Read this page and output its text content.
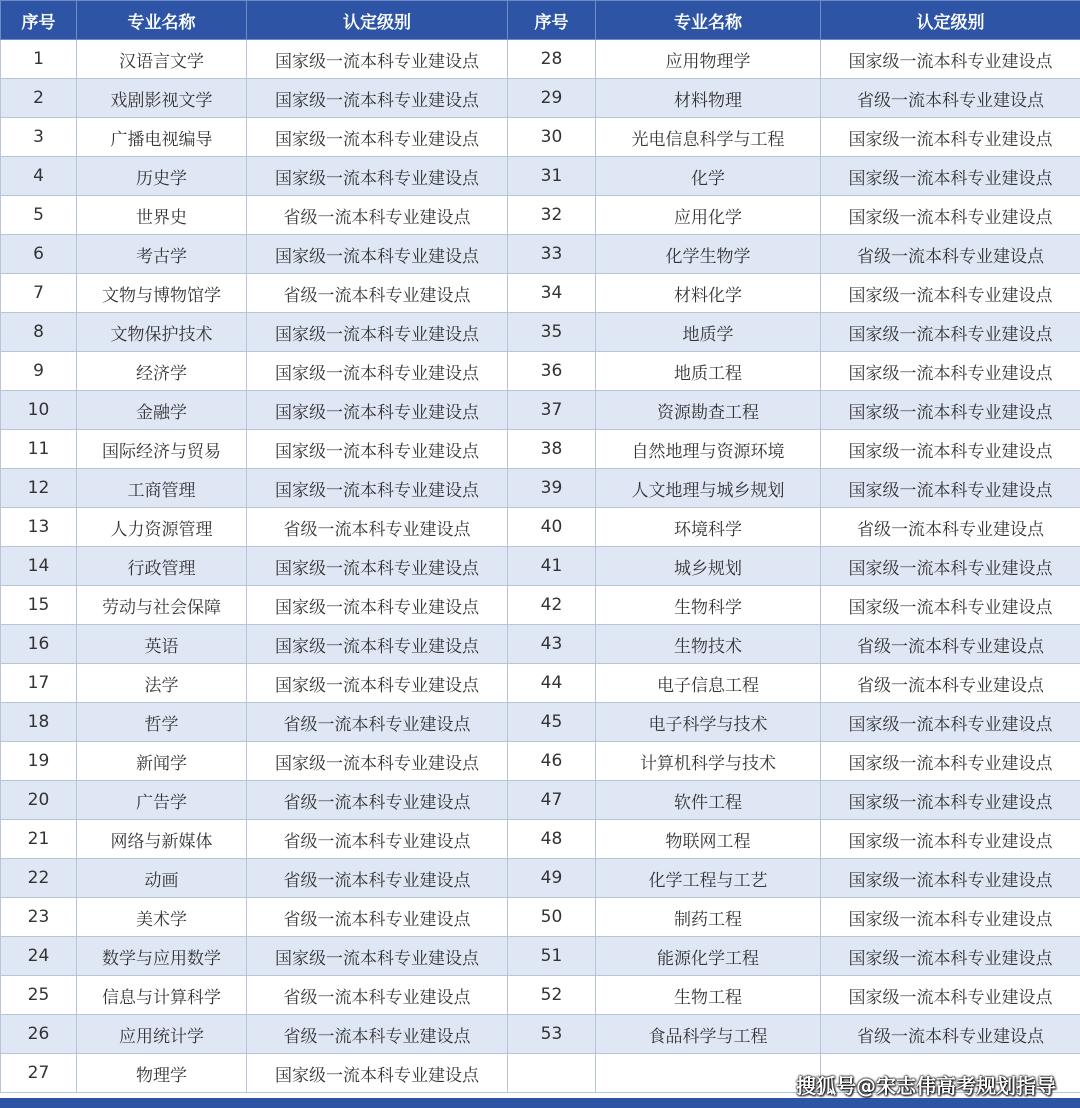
序号	专业名称	认定级别	序号	专业名称	认定级别
1	汉语言文学	国家级一流本科专业建设点	28	应用物理学	国家级一流本科专业建设点
2	戏剧影视文学	国家级一流本科专业建设点	29	材料物理	省级一流本科专业建设点
3	广播电视编导	国家级一流本科专业建设点	30	光电信息科学与工程	国家级一流本科专业建设点
4	历史学	国家级一流本科专业建设点	31	化学	国家级一流本科专业建设点
5	世界史	省级一流本科专业建设点	32	应用化学	国家级一流本科专业建设点
6	考古学	国家级一流本科专业建设点	33	化学生物学	省级一流本科专业建设点
7	文物与博物馆学	省级一流本科专业建设点	34	材料化学	国家级一流本科专业建设点
8	文物保护技术	国家级一流本科专业建设点	35	地质学	国家级一流本科专业建设点
9	经济学	国家级一流本科专业建设点	36	地质工程	国家级一流本科专业建设点
10	金融学	国家级一流本科专业建设点	37	资源勘查工程	国家级一流本科专业建设点
11	国际经济与贸易	国家级一流本科专业建设点	38	自然地理与资源环境	国家级一流本科专业建设点
12	工商管理	国家级一流本科专业建设点	39	人文地理与城乡规划	国家级一流本科专业建设点
13	人力资源管理	省级一流本科专业建设点	40	环境科学	省级一流本科专业建设点
14	行政管理	国家级一流本科专业建设点	41	城乡规划	国家级一流本科专业建设点
15	劳动与社会保障	国家级一流本科专业建设点	42	生物科学	国家级一流本科专业建设点
16	英语	国家级一流本科专业建设点	43	生物技术	省级一流本科专业建设点
17	法学	国家级一流本科专业建设点	44	电子信息工程	省级一流本科专业建设点
18	哲学	省级一流本科专业建设点	45	电子科学与技术	国家级一流本科专业建设点
19	新闻学	国家级一流本科专业建设点	46	计算机科学与技术	国家级一流本科专业建设点
20	广告学	省级一流本科专业建设点	47	软件工程	国家级一流本科专业建设点
21	网络与新媒体	省级一流本科专业建设点	48	物联网工程	国家级一流本科专业建设点
22	动画	省级一流本科专业建设点	49	化学工程与工艺	国家级一流本科专业建设点
23	美术学	省级一流本科专业建设点	50	制药工程	国家级一流本科专业建设点
24	数学与应用数学	国家级一流本科专业建设点	51	能源化学工程	国家级一流本科专业建设点
25	信息与计算科学	省级一流本科专业建设点	52	生物工程	国家级一流本科专业建设点
26	应用统计学	省级一流本科专业建设点	53	食品科学与工程	省级一流本科专业建设点
27	物理学	国家级一流本科专业建设点				搜狐号@宋志伟高考规划指导
